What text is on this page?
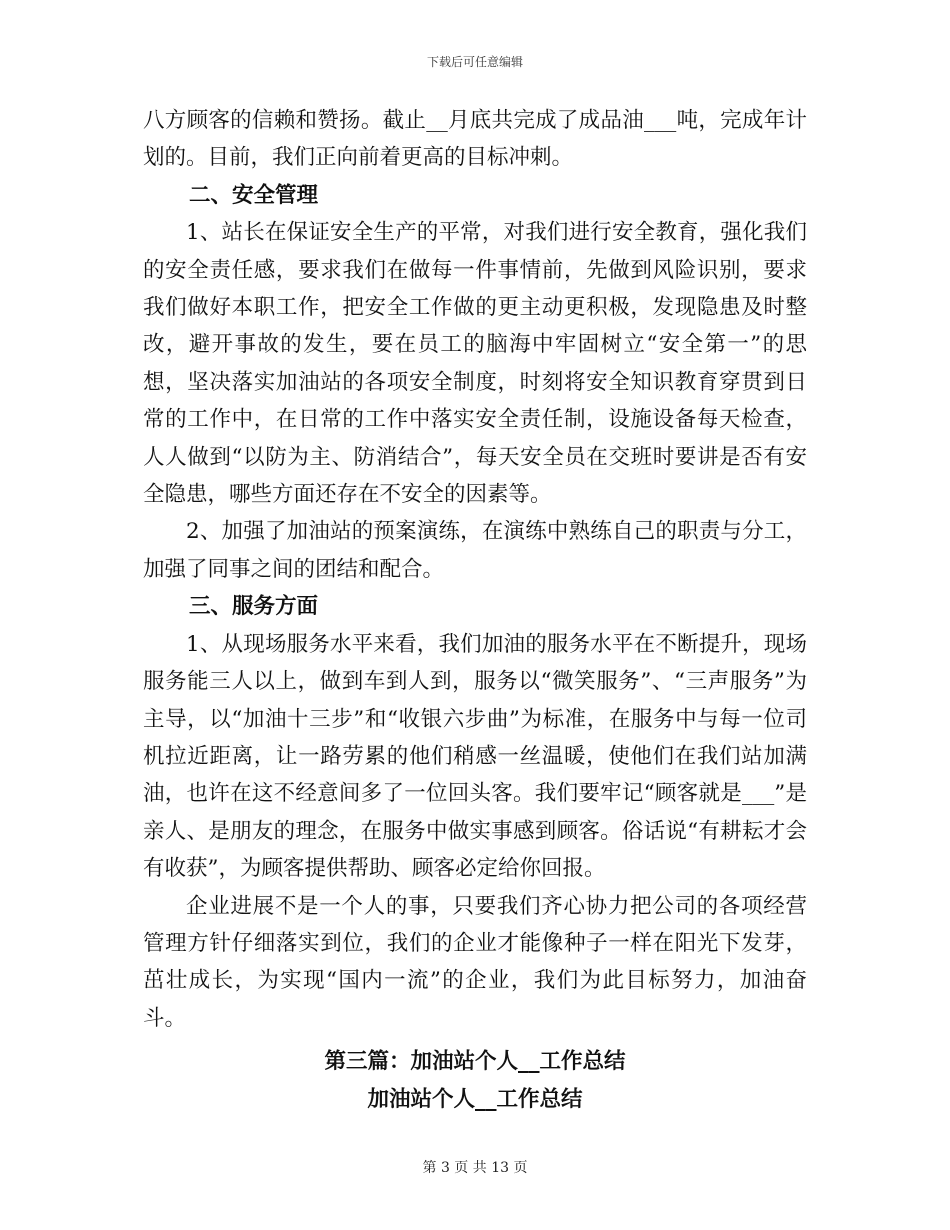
下载后可任意编辑

八方顾客的信赖和赞扬。截止__月底共完成了成品油___吨，完成年计划的。目前，我们正向前着更高的目标冲刺。

二、安全管理

1、站长在保证安全生产的平常，对我们进行安全教育，强化我们的安全责任感，要求我们在做每一件事情前，先做到风险识别，要求我们做好本职工作，把安全工作做的更主动更积极，发现隐患及时整改，避开事故的发生，要在员工的脑海中牢固树立“安全第一”的思想，坚决落实加油站的各项安全制度，时刻将安全知识教育穿贯到日常的工作中，在日常的工作中落实安全责任制，设施设备每天检查，人人做到“以防为主、防消结合”，每天安全员在交班时要讲是否有安全隐患，哪些方面还存在不安全的因素等。

2、加强了加油站的预案演练，在演练中熟练自己的职责与分工，加强了同事之间的团结和配合。

三、服务方面

1、从现场服务水平来看，我们加油的服务水平在不断提升，现场服务能三人以上，做到车到人到，服务以“微笑服务”、“三声服务”为主导，以“加油十三步”和“收银六步曲”为标准，在服务中与每一位司机拉近距离，让一路劳累的他们稍感一丝温暖，使他们在我们站加满油，也许在这不经意间多了一位回头客。我们要牢记“顾客就是___”是亲人、是朋友的理念，在服务中做实事感到顾客。俗话说“有耕耘才会有收获”，为顾客提供帮助、顾客必定给你回报。

企业进展不是一个人的事，只要我们齐心协力把公司的各项经营管理方针仔细落实到位，我们的企业才能像种子一样在阳光下发芽，茁壮成长，为实现“国内一流”的企业，我们为此目标努力，加油奋斗。

第三篇：加油站个人__工作总结

加油站个人__工作总结

第 3 页 共 13 页
